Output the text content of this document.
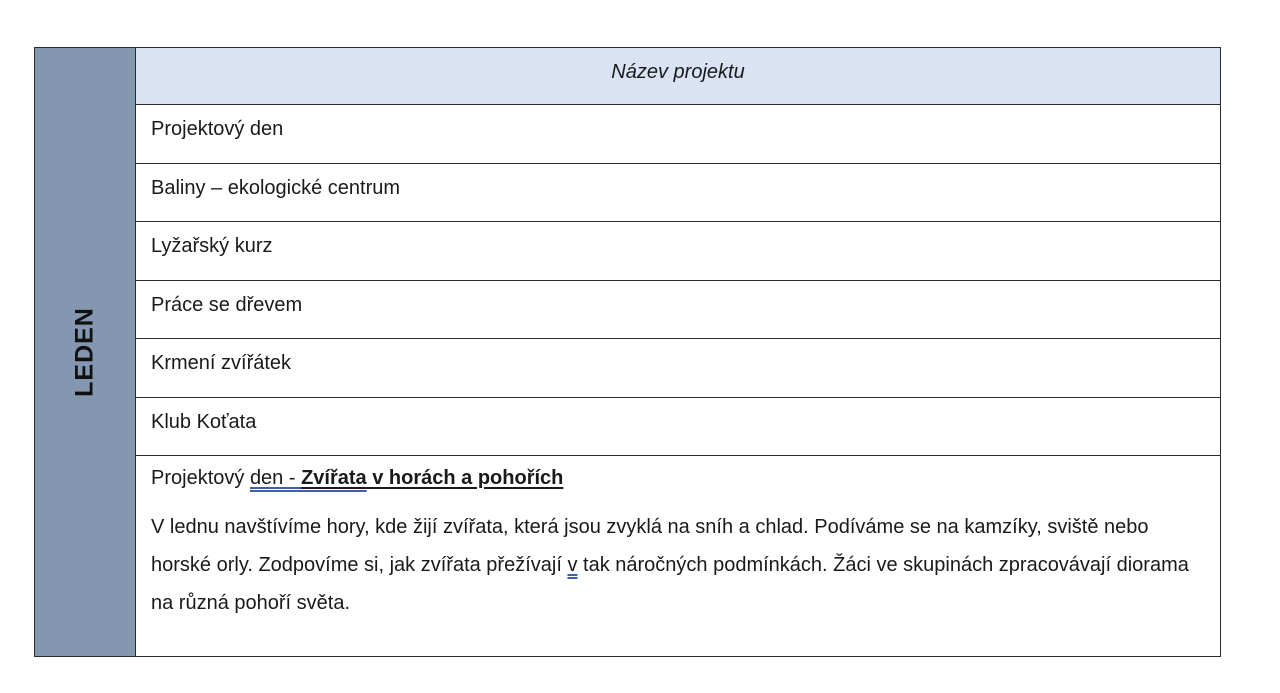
LEDEN
Název projektu
Projektový den
Baliny – ekologické centrum
Lyžařský kurz
Práce se dřevem
Krmení zvířátek
Klub Koťata

Projektový den - Zvířata v horách a pohořích

V lednu navštívíme hory, kde žijí zvířata, která jsou zvyklá na sníh a chlad. Podíváme se na kamzíky, sviště nebo horské orly. Zodpovíme si, jak zvířata přežívají v tak náročných podmínkách. Žáci ve skupinách zpracovávají diorama na různá pohoří světa.
